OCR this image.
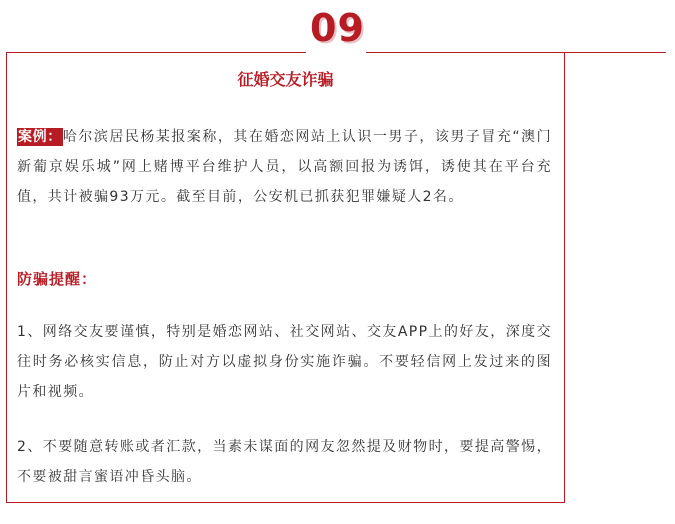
09
征婚交友诈骗
案例：哈尔滨居民杨某报案称，其在婚恋网站上认识一男子，该男子冒充“澳门新葡京娱乐城”网上赌博平台维护人员，以高额回报为诱饵，诱使其在平台充值，共计被骗93万元。截至目前，公安机已抓获犯罪嫌疑人2名。
防骗提醒：
1、网络交友要谨慎，特别是婚恋网站、社交网站、交友APP上的好友，深度交往时务必核实信息，防止对方以虚拟身份实施诈骗。不要轻信网上发过来的图片和视频。
2、不要随意转账或者汇款，当素未谋面的网友忽然提及财物时，要提高警惕，不要被甜言蜜语冲昏头脑。
